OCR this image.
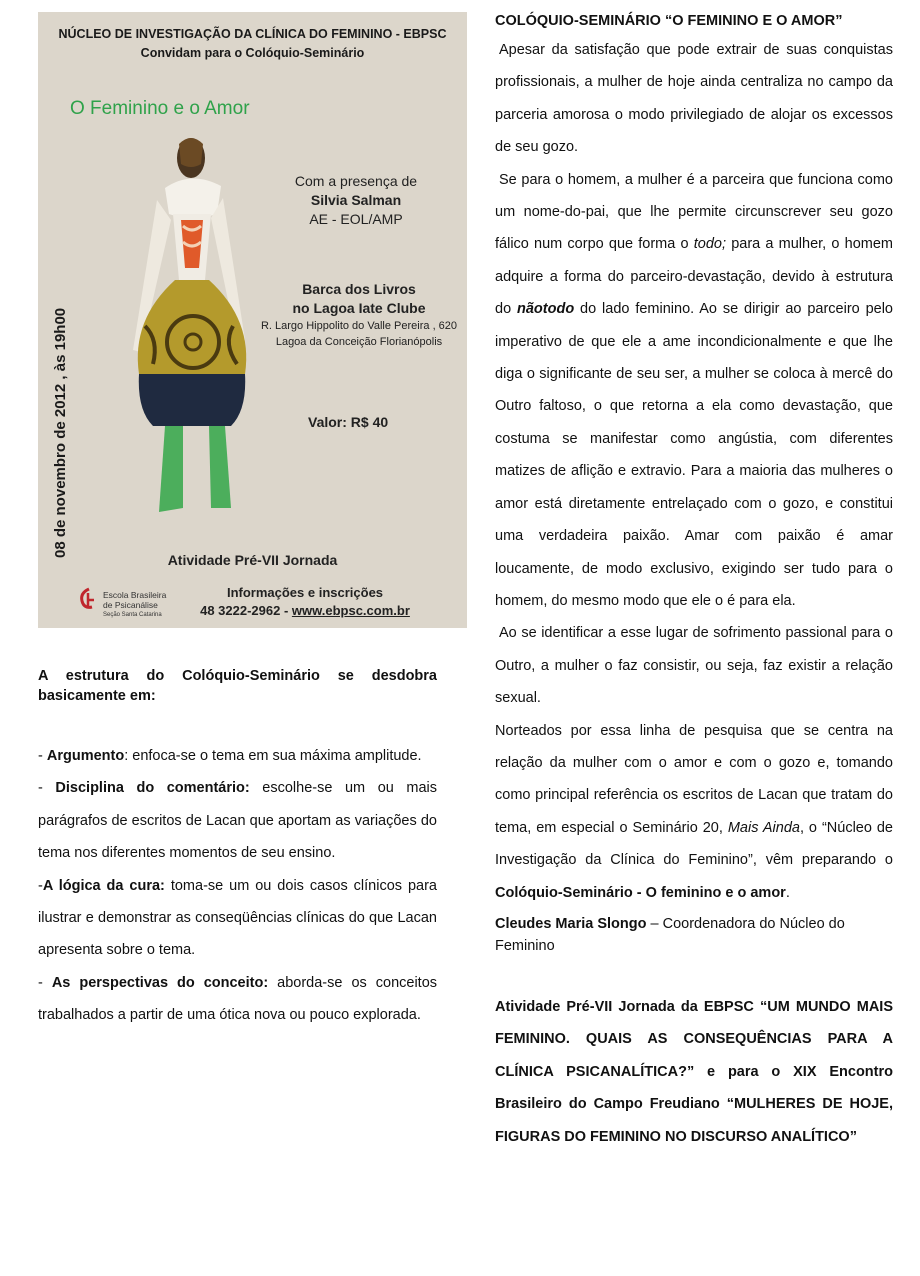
NÚCLEO DE INVESTIGAÇÃO DA CLÍNICA DO FEMININO - EBPSC
Convidam para o Colóquio-Seminário
O Feminino e o Amor
08 de novembro de 2012 , às 19h00
Com a presença de
Silvia Salman
AE - EOL/AMP
Barca dos Livros
no Lagoa Iate Clube
R. Largo Hippolito do Valle Pereira , 620
Lagoa da Conceição Florianópolis
Valor: R$ 40
Atividade Pré-VII Jornada
Escola Brasileira
de Psicanálise
Seção Santa Catarina
Informações e inscrições
48 3222-2962 - www.ebpsc.com.br

A estrutura do Colóquio-Seminário se desdobra basicamente em:

- Argumento: enfoca-se o tema em sua máxima amplitude.

- Disciplina do comentário: escolhe-se um ou mais parágrafos de escritos de Lacan que aportam as variações do tema nos diferentes momentos de seu ensino.

-A lógica da cura: toma-se um ou dois casos clínicos para ilustrar e demonstrar as conseqüências clínicas do que Lacan apresenta sobre o tema.

- As perspectivas do conceito: aborda-se os conceitos trabalhados a partir de uma ótica nova ou pouco explorada.

COLÓQUIO-SEMINÁRIO “O FEMININO E O AMOR”

Apesar da satisfação que pode extrair de suas conquistas profissionais, a mulher de hoje ainda centraliza no campo da parceria amorosa o modo privilegiado de alojar os excessos de seu gozo.

Se para o homem, a mulher é a parceira que funciona como um nome-do-pai, que lhe permite circunscrever seu gozo fálico num corpo que forma o todo; para a mulher, o homem adquire a forma do parceiro-devastação, devido à estrutura do nãotodo do lado feminino. Ao se dirigir ao parceiro pelo imperativo de que ele a ame incondicionalmente e que lhe diga o significante de seu ser, a mulher se coloca à mercê do Outro faltoso, o que retorna a ela como devastação, que costuma se manifestar como angústia, com diferentes matizes de aflição e extravio. Para a maioria das mulheres o amor está diretamente entrelaçado com o gozo, e constitui uma verdadeira paixão. Amar com paixão é amar loucamente, de modo exclusivo, exigindo ser tudo para o homem, do mesmo modo que ele o é para ela.

Ao se identificar a esse lugar de sofrimento passional para o Outro, a mulher o faz consistir, ou seja, faz existir a relação sexual.

Norteados por essa linha de pesquisa que se centra na relação da mulher com o amor e com o gozo e, tomando como principal referência os escritos de Lacan que tratam do tema, em especial o Seminário 20, Mais Ainda, o “Núcleo de Investigação da Clínica do Feminino”, vêm preparando o Colóquio-Seminário - O feminino e o amor.

Cleudes Maria Slongo – Coordenadora do Núcleo do Feminino

Atividade Pré-VII Jornada da EBPSC “UM MUNDO MAIS FEMININO. QUAIS AS CONSEQUÊNCIAS PARA A CLÍNICA PSICANALÍTICA?” e para o XIX Encontro Brasileiro do Campo Freudiano “MULHERES DE HOJE, FIGURAS DO FEMININO NO DISCURSO ANALÍTICO”
